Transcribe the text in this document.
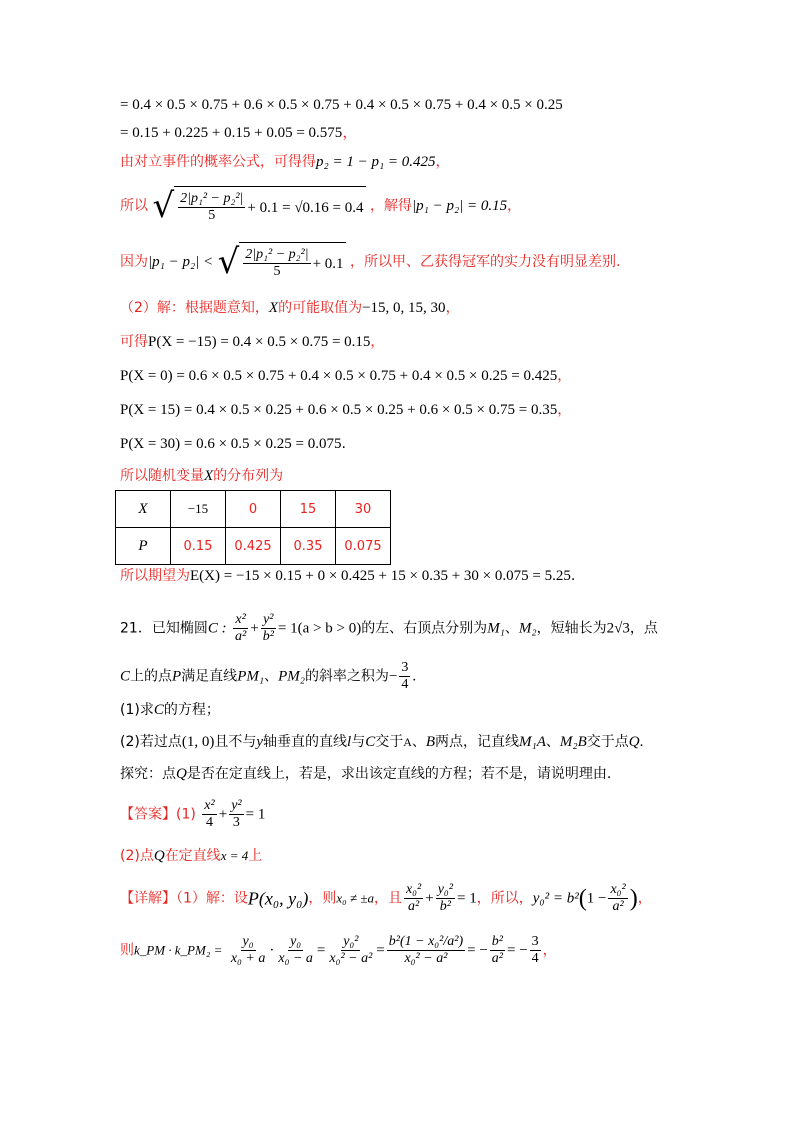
= 0.4 × 0.5 × 0.75 + 0.6 × 0.5 × 0.75 + 0.4 × 0.5 × 0.75 + 0.4 × 0.5 × 0.25
= 0.15 + 0.225 + 0.15 + 0.05 = 0.575，
由对立事件的概率公式，可得得p₂ = 1 − p₁ = 0.425，
所以 √ $\frac{\text{2|p₁² − p₂²|}}{5} + 0.1 = √0.16 = 0.4$ ，解得|p₁ − p₂| = 0.15，
因为|p₁ − p₂| < √ $\frac{\text{2|p₁² − p₂²|}}{5} + 0.1$ ，所以甲、乙获得冠军的实力没有明显差别.
（2）解：根据题意知，X的可能取值为−15, 0, 15, 30，
可得P(X = −15) = 0.4 × 0.5 × 0.75 = 0.15，
P(X = 0) = 0.6 × 0.5 × 0.75 + 0.4 × 0.5 × 0.75 + 0.4 × 0.5 × 0.25 = 0.425，
P(X = 15) = 0.4 × 0.5 × 0.25 + 0.6 × 0.5 × 0.25 + 0.6 × 0.5 × 0.75 = 0.35，
P(X = 30) = 0.6 × 0.5 × 0.25 = 0.075.
所以随机变量X的分布列为
X	−15	0	15	30
P	0.15	0.425	0.35	0.075
所以期望为E(X) = −15 × 0.15 + 0 × 0.425 + 15 × 0.35 + 30 × 0.075 = 5.25.
21．已知椭圆C : $\frac{\text{x²}}{\text{a²}} + \frac{\text{y²}}{\text{b²}} = 1(a > b > 0)$的左、右顶点分别为M₁、M₂，短轴长为2√3，点
C上的点P满足直线PM₁、PM₂的斜率之积为− $\frac{3}{4}$ .
(1)求C的方程；
(2)若过点(1, 0)且不与y轴垂直的直线l与C交于A、B两点，记直线M₁A、M₂B交于点Q.
探究：点Q是否在定直线上，若是，求出该定直线的方程；若不是，请说明理由.
【答案】$(1) \frac{\text{x²}}{4} + \frac{\text{y²}}{3} = 1$
(2)点Q在定直线x = 4上
【详解】（1）解：设P(x₀, y₀)，则x₀ ≠ ±a，且 $\frac{\text{x₀²}}{\text{a²}} + \frac{\text{y₀²}}{\text{b²}} = 1$，所以，$y_0^2 = b^2(1 - \frac{\text{x₀²}}{\text{a²}}$ )，
则k_PM · k_PM₂ = $\frac{\text{y₀}}{\text{x₀ + a}} \cdot \frac{\text{y₀}}{\text{x₀ − a}} = \frac{\text{y₀²}}{\text{x₀² − a²}} = \frac{\text{b²(1 − x₀²/a²)}}{\text{x₀² − a²}}$ = − $\frac{\text{b²}}{\text{a²}}$ = − $\frac{3}{4}$ ，
